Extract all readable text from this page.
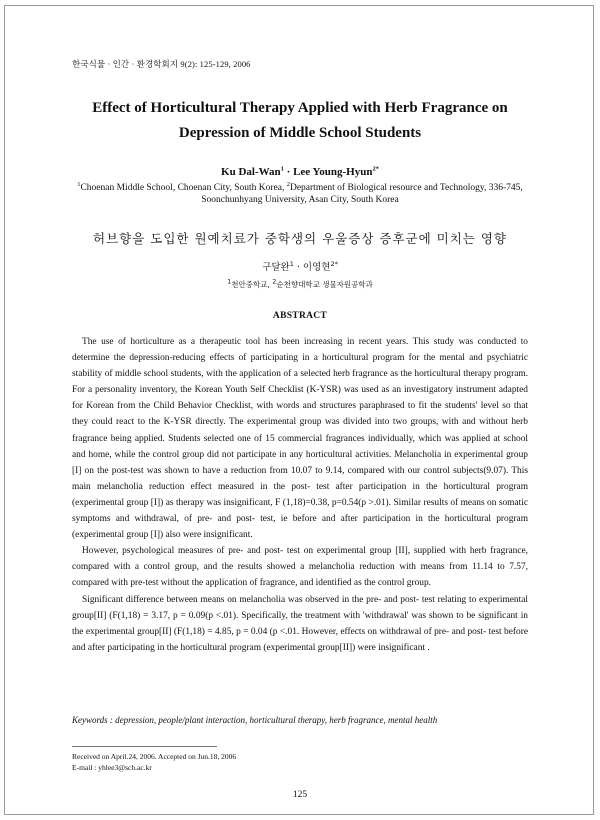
한국식물 · 인간 · 환경학회지 9(2): 125-129, 2006
Effect of Horticultural Therapy Applied with Herb Fragrance on
Depression of Middle School Students
Ku Dal-Wan$^1$ · Lee Young-Hyun$^{2*}$
$^1$Choenan Middle School, Choenan City, South Korea, $^2$Department of Biological resource and Technology, 336-745,
Soonchunhyang University, Asan City, South Korea
허브향을 도입한 원예치료가 중학생의 우울증상 증후군에 미치는 영향
구달완$^1$ · 이영현$^{2*}$
$^1$천안중학교, $^2$순천향대학교 생물자원공학과
ABSTRACT

The use of horticulture as a therapeutic tool has been increasing in recent years. This study was conducted to determine the depression-reducing effects of participating in a horticultural program for the mental and psychiatric stability of middle school students, with the application of a selected herb fragrance as the horticultural therapy program. For a personality inventory, the Korean Youth Self Checklist (K-YSR) was used as an investigatory instrument adapted for Korean from the Child Behavior Checklist, with words and structures paraphrased to fit the students' level so that they could react to the K-YSR directly. The experimental group was divided into two groups, with and without herb fragrance being applied. Students selected one of 15 commercial fragrances individually, which was applied at school and home, while the control group did not participate in any horticultural activities. Melancholia in experimental group [I] on the post-test was shown to have a reduction from 10.07 to 9.14, compared with our control subjects(9.07). This main melancholia reduction effect measured in the post- test after participation in the horticultural program (experimental group [I]) as therapy was insignificant, F (1,18)=0.38, p=0.54(p >.01). Similar results of means on somatic symptoms and withdrawal, of pre- and post- test, ie before and after participation in the horticultural program (experimental group [I]) also were insignificant.

However, psychological measures of pre- and post- test on experimental group [II], supplied with herb fragrance, compared with a control group, and the results showed a melancholia reduction with means from 11.14 to 7.57, compared with pre-test without the application of fragrance, and identified as the control group.

Significant difference between means on melancholia was observed in the pre- and post- test relating to experimental group[II] (F(1,18) = 3.17, p = 0.09(p <.01). Specifically, the treatment with 'withdrawal' was shown to be significant in the experimental group[II] (F(1,18) = 4.85, p = 0.04 (p <.01. However, effects on withdrawal of pre- and post- test before and after participating in the horticultural program (experimental group[II]) were insignificant .

Keywords : depression, people/plant interaction, horticultural therapy, herb fragrance, mental health
Received on April.24, 2006. Accepted on Jun.18, 2006
E-mail : yhlee3@sch.ac.kr
125
